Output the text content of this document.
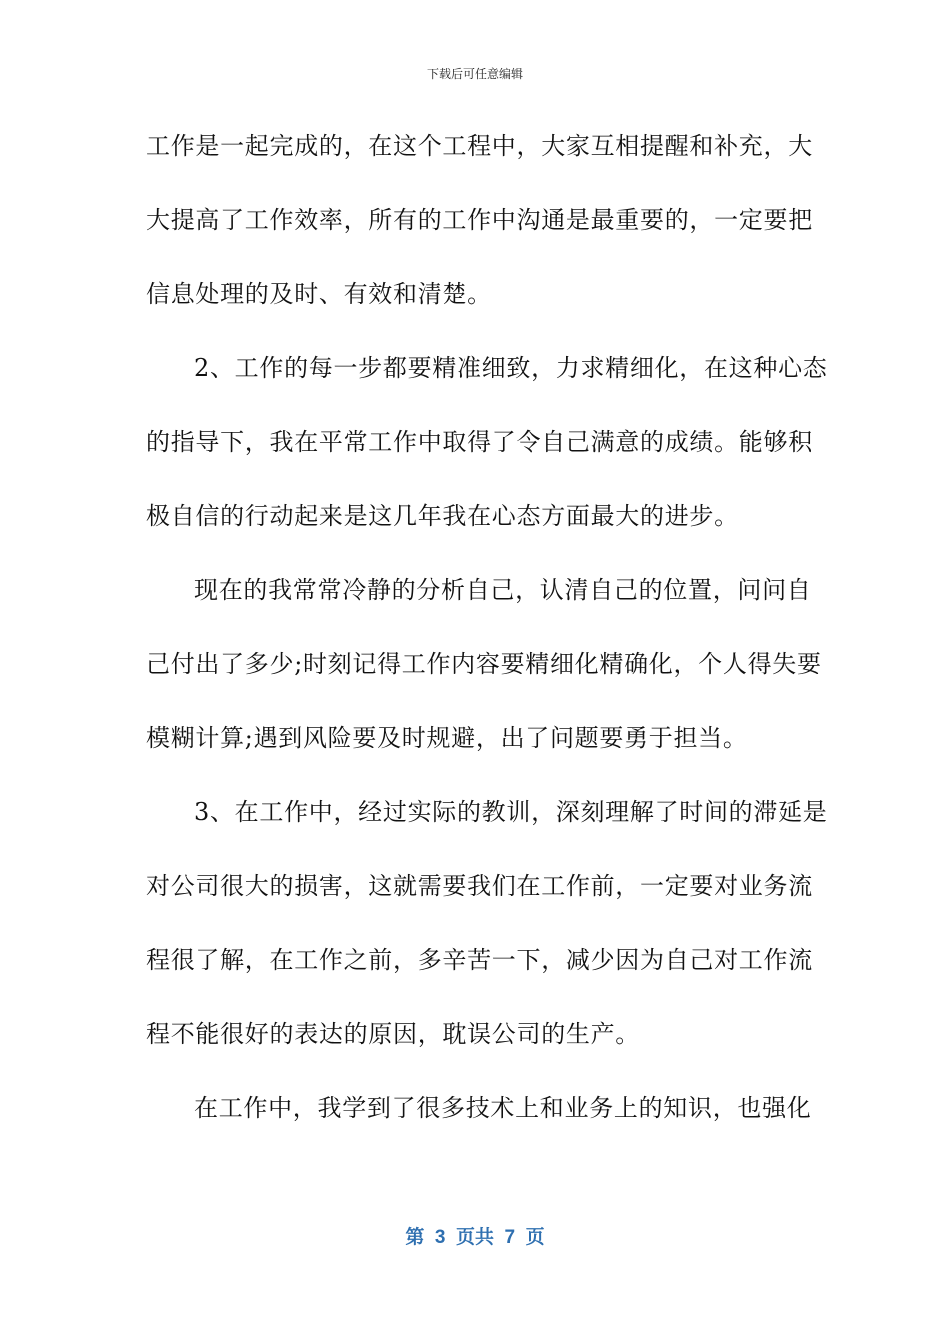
下载后可任意编辑
工作是一起完成的，在这个工程中，大家互相提醒和补充，大
大提高了工作效率，所有的工作中沟通是最重要的，一定要把
信息处理的及时、有效和清楚。
2、工作的每一步都要精准细致，力求精细化，在这种心态
的指导下，我在平常工作中取得了令自己满意的成绩。能够积
极自信的行动起来是这几年我在心态方面最大的进步。
现在的我常常冷静的分析自己，认清自己的位置，问问自
己付出了多少;时刻记得工作内容要精细化精确化，个人得失要
模糊计算;遇到风险要及时规避，出了问题要勇于担当。
3、在工作中，经过实际的教训，深刻理解了时间的滞延是
对公司很大的损害，这就需要我们在工作前，一定要对业务流
程很了解，在工作之前，多辛苦一下，减少因为自己对工作流
程不能很好的表达的原因，耽误公司的生产。
在工作中，我学到了很多技术上和业务上的知识，也强化
第  3  页共  7  页
